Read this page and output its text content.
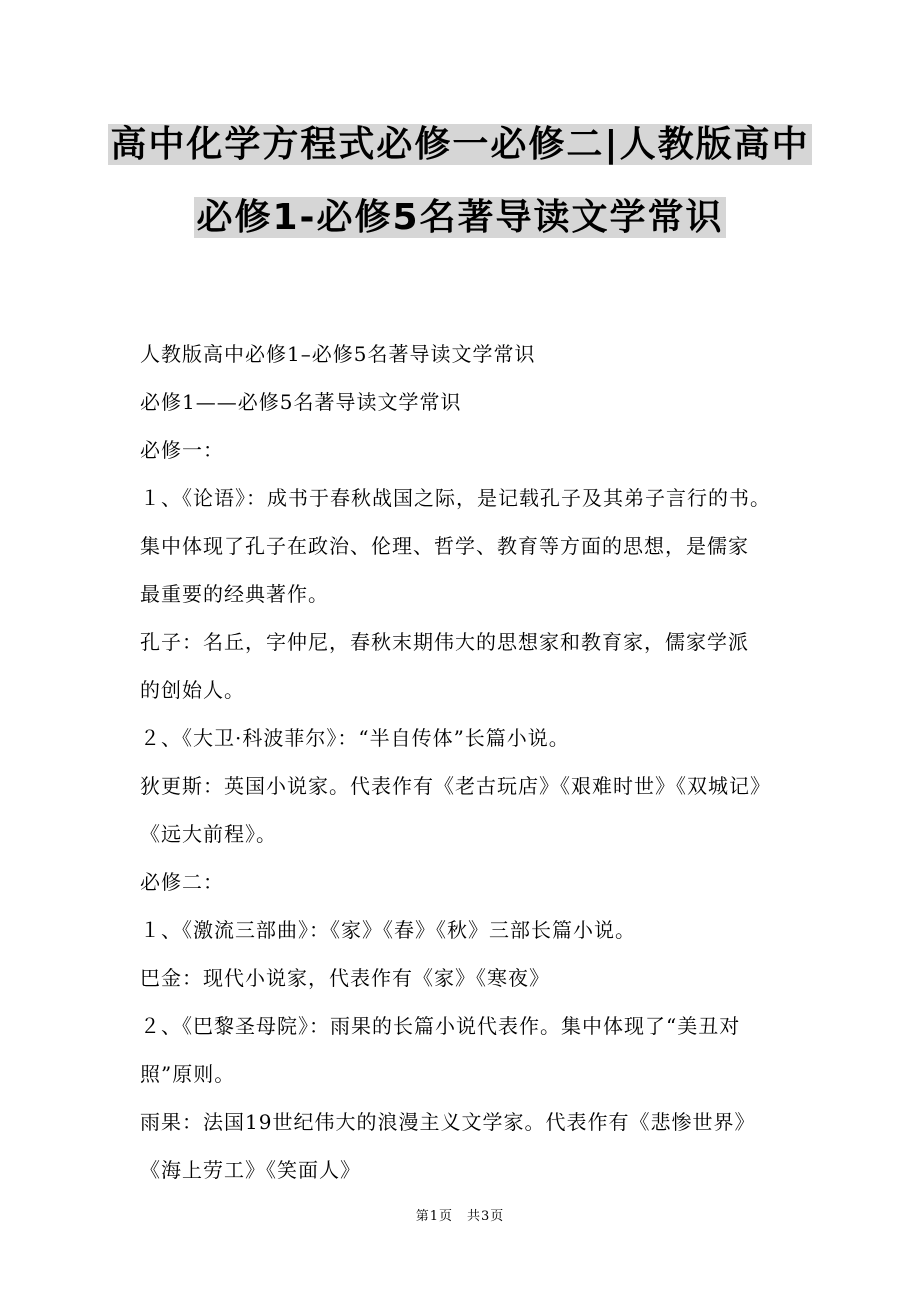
高中化学方程式必修一必修二|人教版高中
必修1-必修5名著导读文学常识
人教版高中必修1–必修5名著导读文学常识
必修1——必修5名著导读文学常识
必修一：
１、《论语》：成书于春秋战国之际，是记载孔子及其弟子言行的书。
集中体现了孔子在政治、伦理、哲学、教育等方面的思想，是儒家
最重要的经典著作。
孔子：名丘，字仲尼，春秋末期伟大的思想家和教育家，儒家学派
的创始人。
２、《大卫·科波菲尔》：“半自传体”长篇小说。
狄更斯：英国小说家。代表作有《老古玩店》《艰难时世》《双城记》
《远大前程》。
必修二：
１、《激流三部曲》：《家》《春》《秋》三部长篇小说。
巴金：现代小说家，代表作有《家》《寒夜》
２、《巴黎圣母院》：雨果的长篇小说代表作。集中体现了“美丑对
照”原则。
雨果：法国19世纪伟大的浪漫主义文学家。代表作有《悲惨世界》
《海上劳工》《笑面人》
第1页　共3页
